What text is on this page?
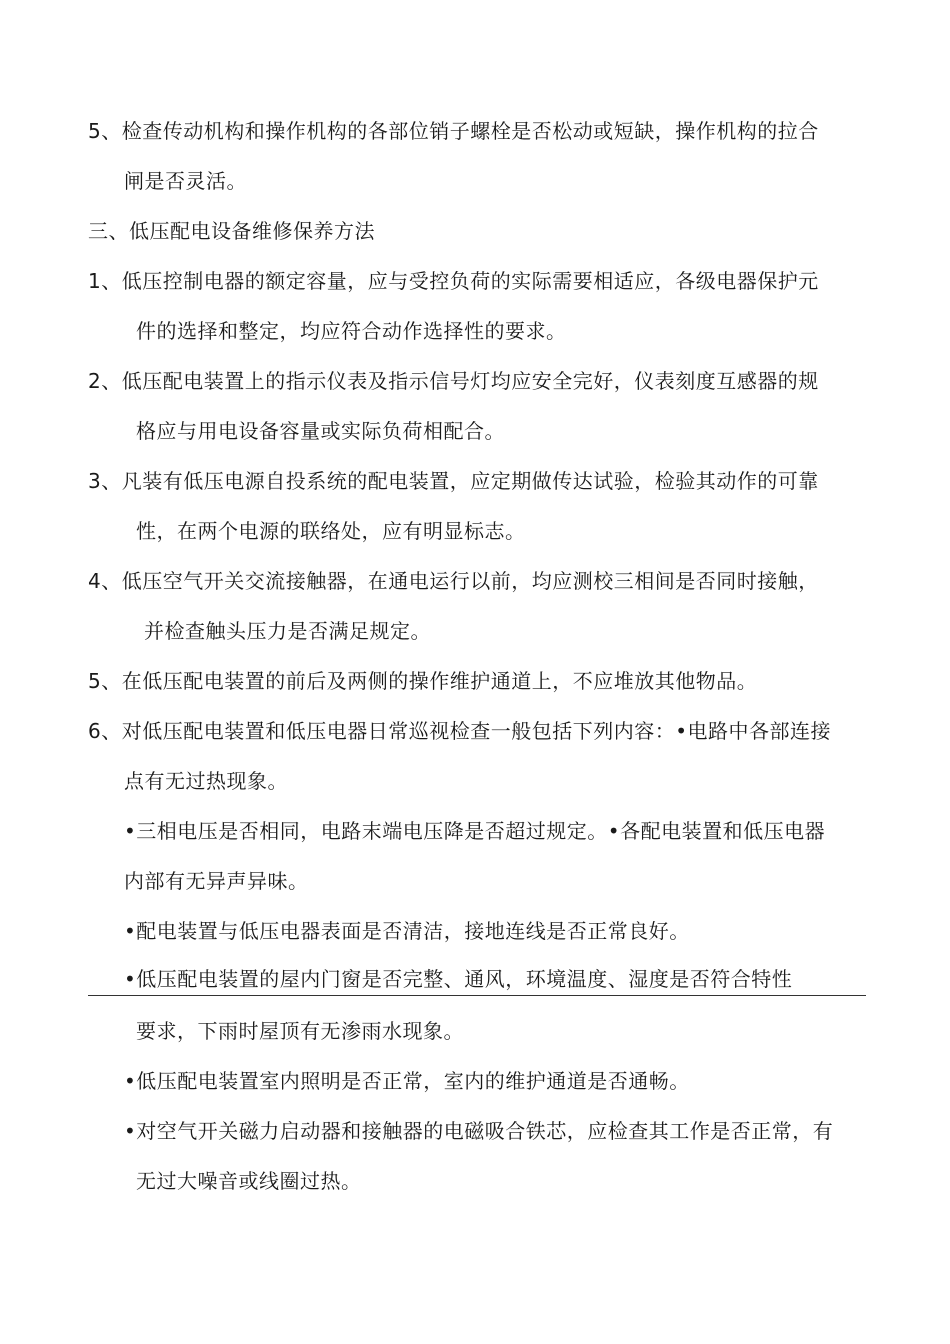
5、检查传动机构和操作机构的各部位销子螺栓是否松动或短缺，操作机构的拉合
闸是否灵活。
三、低压配电设备维修保养方法
1、低压控制电器的额定容量，应与受控负荷的实际需要相适应，各级电器保护元
件的选择和整定，均应符合动作选择性的要求。
2、低压配电装置上的指示仪表及指示信号灯均应安全完好，仪表刻度互感器的规
格应与用电设备容量或实际负荷相配合。
3、凡装有低压电源自投系统的配电装置，应定期做传达试验，检验其动作的可靠
性，在两个电源的联络处，应有明显标志。
4、低压空气开关交流接触器，在通电运行以前，均应测校三相间是否同时接触，
并检查触头压力是否满足规定。
5、在低压配电装置的前后及两侧的操作维护通道上，不应堆放其他物品。
6、对低压配电装置和低压电器日常巡视检查一般包括下列内容：•电路中各部连接
点有无过热现象。
•三相电压是否相同，电路末端电压降是否超过规定。•各配电装置和低压电器
内部有无异声异味。
•配电装置与低压电器表面是否清洁，接地连线是否正常良好。
•低压配电装置的屋内门窗是否完整、通风，环境温度、湿度是否符合特性
要求，下雨时屋顶有无渗雨水现象。
•低压配电装置室内照明是否正常，室内的维护通道是否通畅。
•对空气开关磁力启动器和接触器的电磁吸合铁芯，应检查其工作是否正常，有
无过大噪音或线圈过热。
